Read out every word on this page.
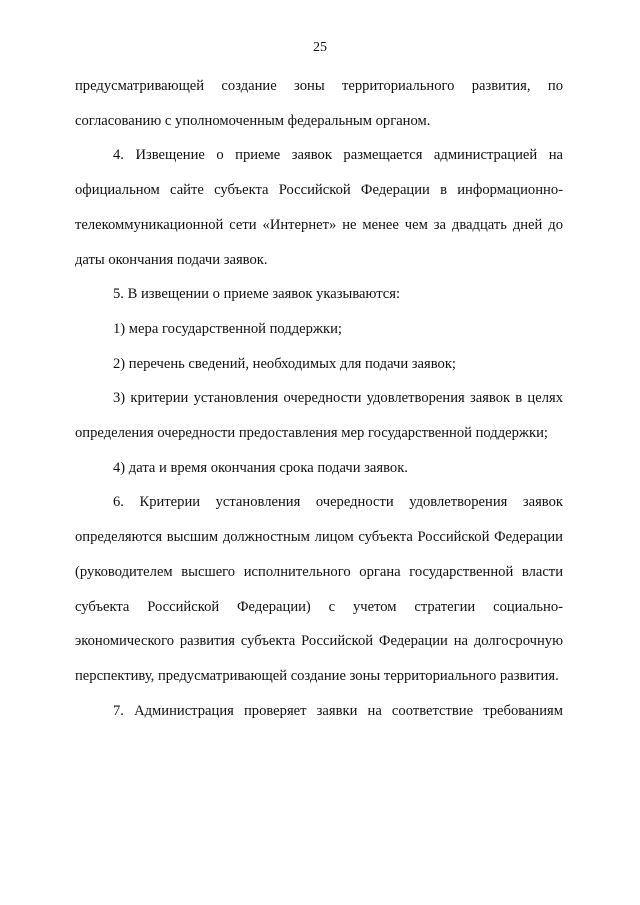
25

предусматривающей создание зоны территориального развития, по согласованию с уполномоченным федеральным органом.

4. Извещение о приеме заявок размещается администрацией на официальном сайте субъекта Российской Федерации в информационно-телекоммуникационной сети «Интернет» не менее чем за двадцать дней до даты окончания подачи заявок.

5. В извещении о приеме заявок указываются:

1) мера государственной поддержки;

2) перечень сведений, необходимых для подачи заявок;

3) критерии установления очередности удовлетворения заявок в целях определения очередности предоставления мер государственной поддержки;

4) дата и время окончания срока подачи заявок.

6. Критерии установления очередности удовлетворения заявок определяются высшим должностным лицом субъекта Российской Федерации (руководителем высшего исполнительного органа государственной власти субъекта Российской Федерации) с учетом стратегии социально-экономического развития субъекта Российской Федерации на долгосрочную перспективу, предусматривающей создание зоны территориального развития.

7. Администрация проверяет заявки на соответствие требованиям
